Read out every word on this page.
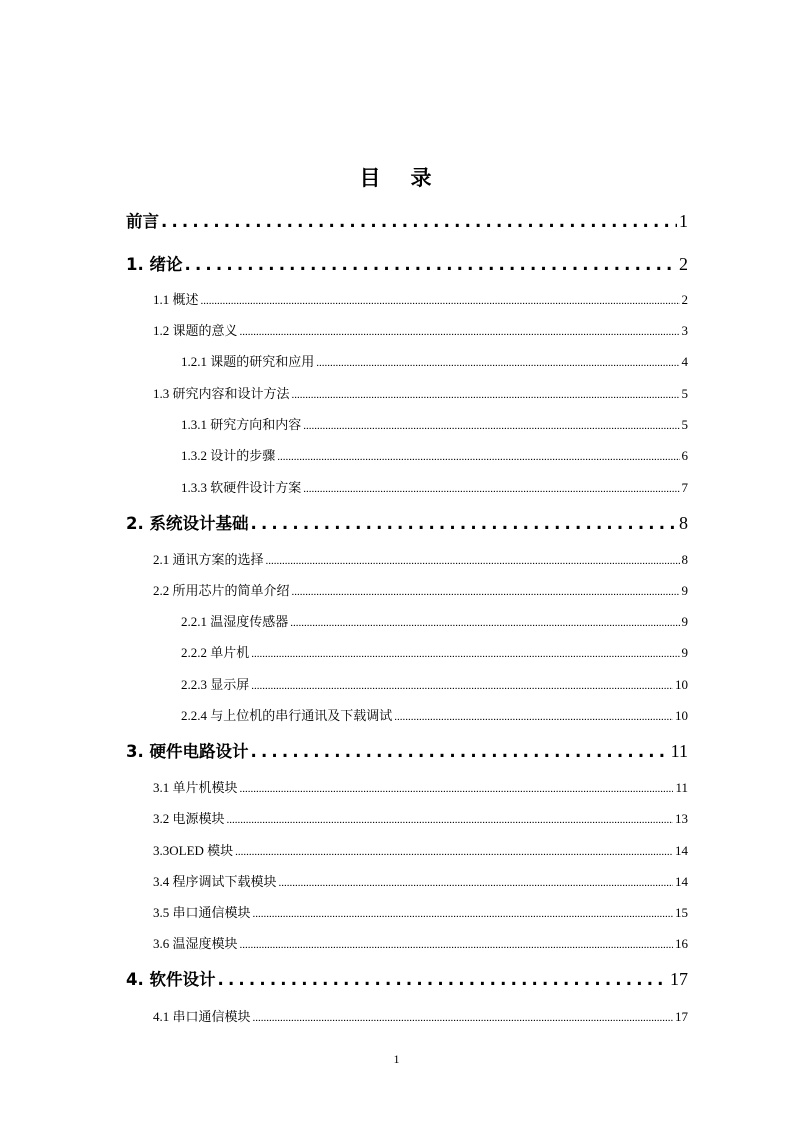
目 录
前言 .....	1
1. 绪论 .....	2
1.1 概述 .....	2
1.2 课题的意义 .....	3
1.2.1 课题的研究和应用 .....	4
1.3 研究内容和设计方法 .....	5
1.3.1 研究方向和内容 .....	5
1.3.2 设计的步骤 .....	6
1.3.3 软硬件设计方案 .....	7
2. 系统设计基础 .....	8
2.1 通讯方案的选择 .....	8
2.2 所用芯片的简单介绍 .....	9
2.2.1 温湿度传感器 .....	9
2.2.2 单片机 .....	9
2.2.3 显示屏 .....	10
2.2.4 与上位机的串行通讯及下载调试 .....	10
3. 硬件电路设计 .....	11
3.1 单片机模块 .....	11
3.2 电源模块 .....	13
3.3OLED 模块 .....	14
3.4 程序调试下载模块 .....	14
3.5 串口通信模块 .....	15
3.6 温湿度模块 .....	16
4. 软件设计 .....	17
4.1 串口通信模块 .....	17
1
